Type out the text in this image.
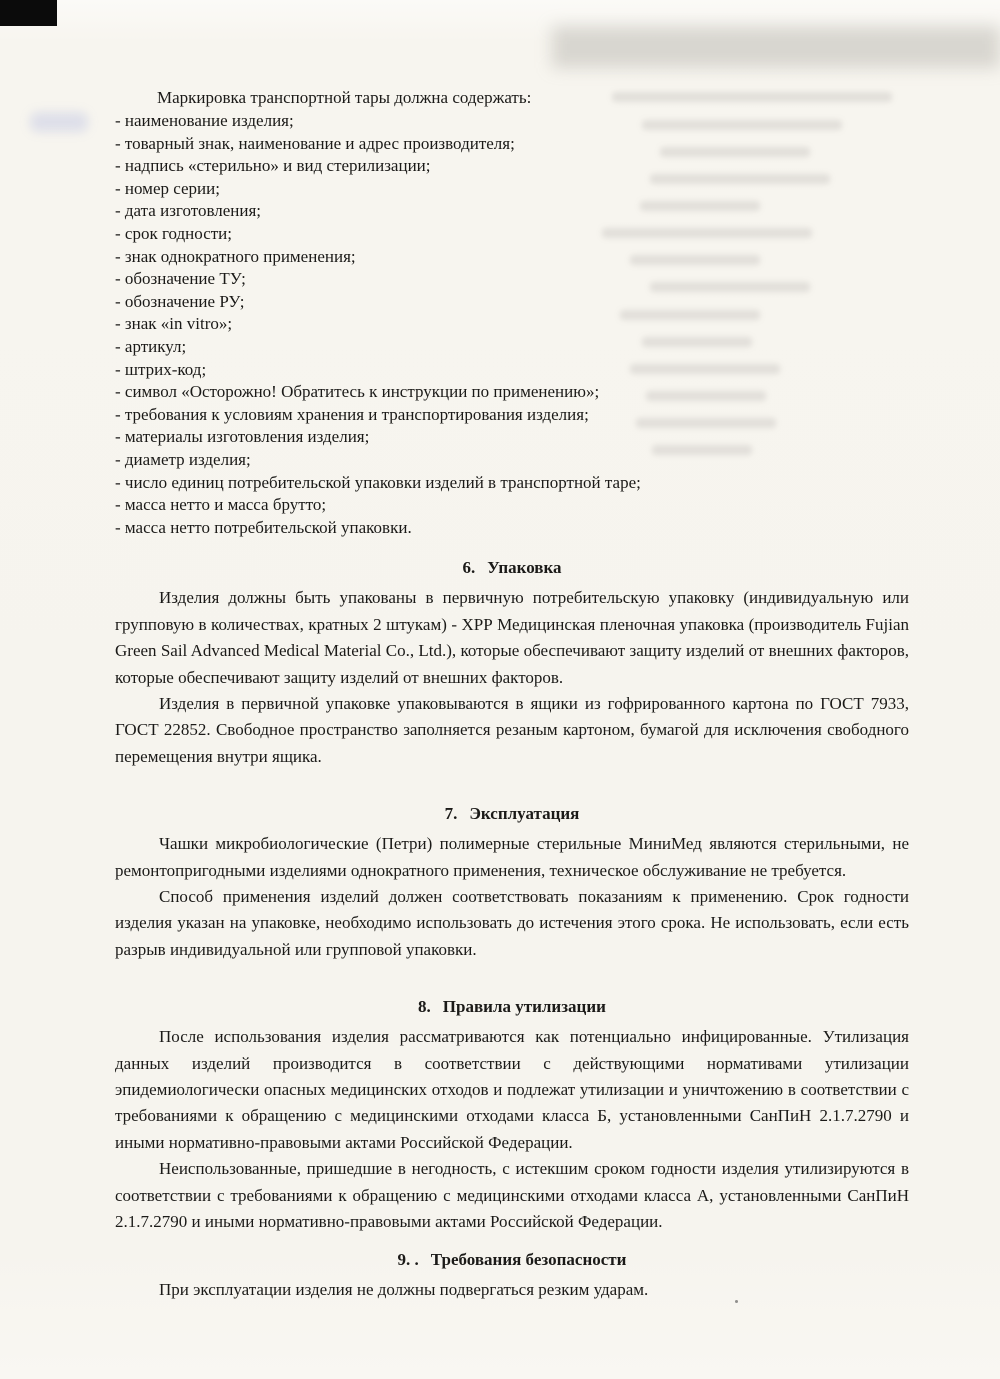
Маркировка транспортной тары должна содержать:

- наименование изделия;

- товарный знак, наименование и адрес производителя;

- надпись «стерильно» и вид стерилизации;

- номер серии;

- дата изготовления;

- срок годности;

- знак однократного применения;

- обозначение ТУ;

- обозначение РУ;

- знак «in vitro»;

- артикул;

- штрих-код;

- символ «Осторожно! Обратитесь к инструкции по применению»;

- требования к условиям хранения и транспортирования изделия;

- материалы изготовления изделия;

- диаметр изделия;

- число единиц потребительской упаковки изделий в транспортной таре;

- масса нетто и масса брутто;

- масса нетто потребительской упаковки.

6. Упаковка

Изделия должны быть упакованы в первичную потребительскую упаковку (индивидуальную или групповую в количествах, кратных 2 штукам) - ХРР Медицинская пленочная упаковка (производитель Fujian Green Sail Advanced Medical Material Co., Ltd.), которые обеспечивают защиту изделий от внешних факторов, которые обеспечивают защиту изделий от внешних факторов.

Изделия в первичной упаковке упаковываются в ящики из гофрированного картона по ГОСТ 7933, ГОСТ 22852. Свободное пространство заполняется резаным картоном, бумагой для исключения свободного перемещения внутри ящика.

7. Эксплуатация

Чашки микробиологические (Петри) полимерные стерильные МиниМед являются стерильными, не ремонтопригодными изделиями однократного применения, техническое обслуживание не требуется.

Способ применения изделий должен соответствовать показаниям к применению. Срок годности изделия указан на упаковке, необходимо использовать до истечения этого срока. Не использовать, если есть разрыв индивидуальной или групповой упаковки.

8. Правила утилизации

После использования изделия рассматриваются как потенциально инфицированные. Утилизация данных изделий производится в соответствии с действующими нормативами утилизации эпидемиологически опасных медицинских отходов и подлежат утилизации и уничтожению в соответствии с требованиями к обращению с медицинскими отходами класса Б, установленными СанПиН 2.1.7.2790 и иными нормативно-правовыми актами Российской Федерации.

Неиспользованные, пришедшие в негодность, с истекшим сроком годности изделия утилизируются в соответствии с требованиями к обращению с медицинскими отходами класса А, установленными СанПиН 2.1.7.2790 и иными нормативно-правовыми актами Российской Федерации.

9. . Требования безопасности

При эксплуатации изделия не должны подвергаться резким ударам.
